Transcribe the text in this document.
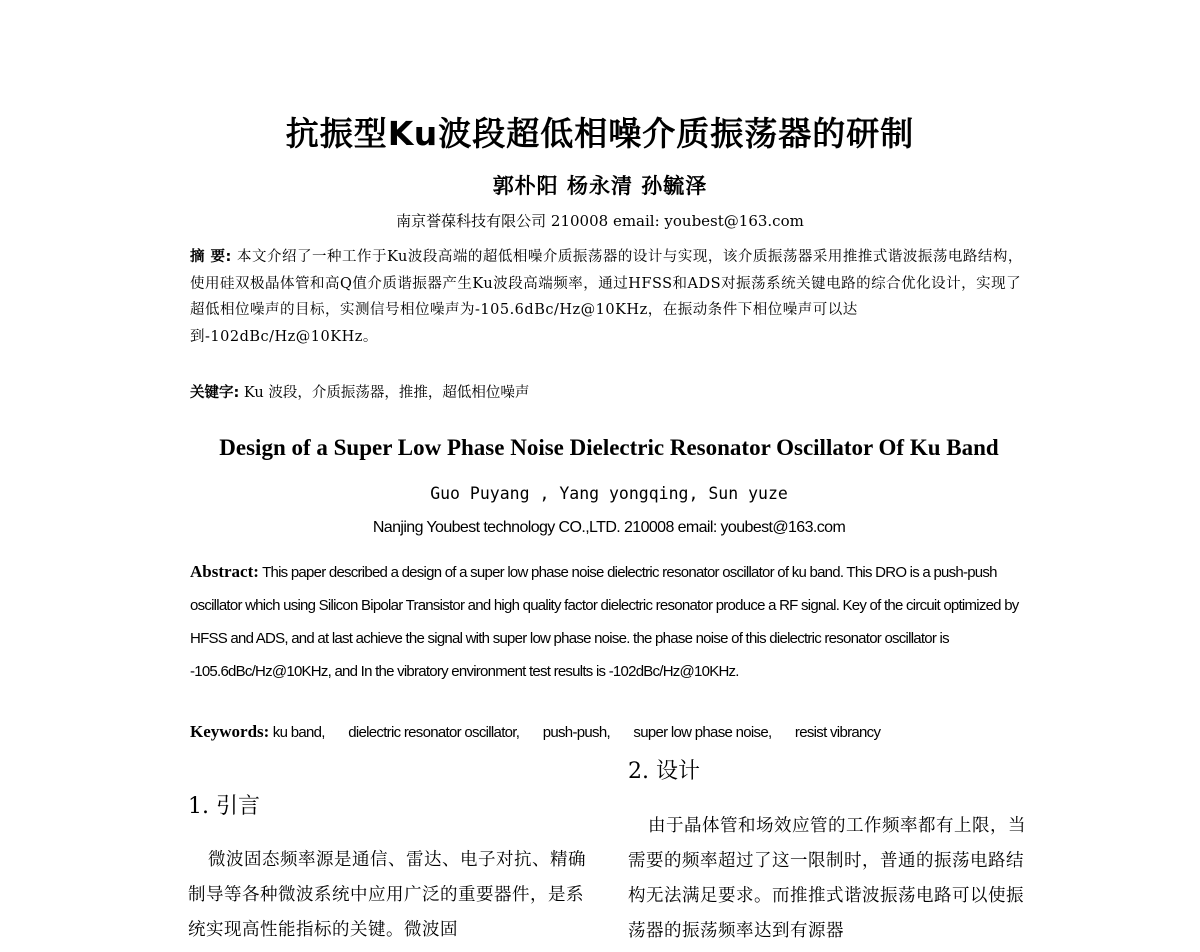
抗振型Ku波段超低相噪介质振荡器的研制
郭朴阳 杨永清 孙毓泽
南京誉葆科技有限公司 210008 email: youbest@163.com
摘 要: 本文介绍了一种工作于Ku波段高端的超低相噪介质振荡器的设计与实现，该介质振荡器采用推推式谐波振荡电路结构，使用硅双极晶体管和高Q值介质谐振器产生Ku波段高端频率，通过HFSS和ADS对振荡系统关键电路的综合优化设计，实现了超低相位噪声的目标，实测信号相位噪声为-105.6dBc/Hz@10KHz，在振动条件下相位噪声可以达到-102dBc/Hz@10KHz。
关键字: Ku 波段，介质振荡器，推推，超低相位噪声
Design of a Super Low Phase Noise Dielectric Resonator Oscillator Of Ku Band
Guo Puyang , Yang yongqing, Sun yuze
Nanjing Youbest technology CO.,LTD. 210008 email: youbest@163.com
Abstract: This paper described a design of a super low phase noise dielectric resonator oscillator of ku band. This DRO is a push-push oscillator which using Silicon Bipolar Transistor and high quality factor dielectric resonator produce a RF signal. Key of the circuit optimized by HFSS and ADS, and at last achieve the signal with super low phase noise. the phase noise of this dielectric resonator oscillator is -105.6dBc/Hz@10KHz, and In the vibratory environment test results is -102dBc/Hz@10KHz.
Keywords: ku band, dielectric resonator oscillator, push-push, super low phase noise, resist vibrancy
2. 设计
1. 引言
微波固态频率源是通信、雷达、电子对抗、精确制导等各种微波系统中应用广泛的重要器件，是系统实现高性能指标的关键。微波固
由于晶体管和场效应管的工作频率都有上限，当需要的频率超过了这一限制时，普通的振荡电路结构无法满足要求。而推推式谐波振荡电路可以使振荡器的振荡频率达到有源器
